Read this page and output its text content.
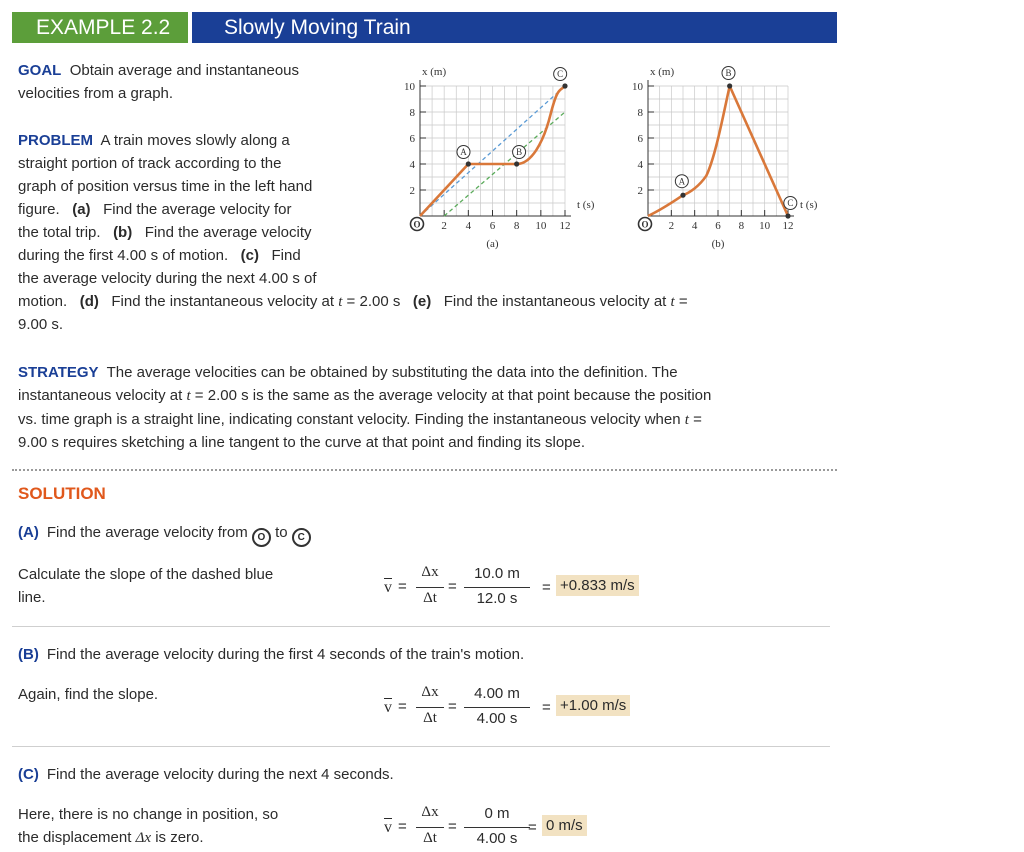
EXAMPLE 2.2	Slowly Moving Train
GOAL Obtain average and instantaneous
velocities from a graph.
PROBLEM A train moves slowly along a
straight portion of track according to the
graph of position versus time in the left hand
figure. (a) Find the average velocity for
the total trip. (b) Find the average velocity
during the first 4.00 s of motion. (c) Find
the average velocity during the next 4.00 s of
motion. (d) Find the instantaneous velocity at t = 2.00 s (e) Find the instantaneous velocity at t =
9.00 s.
2 4 6 8 10 12
2
4
6
8
10
x (m)
t (s)
O
(a)
A	B
C
2 4 6 8 10 12
2
4
6
8
10
x (m)
t (s)
O
(b)
A
B
C
STRATEGY The average velocities can be obtained by substituting the data into the definition. The
instantaneous velocity at t = 2.00 s is the same as the average velocity at that point because the position
vs. time graph is a straight line, indicating constant velocity. Finding the instantaneous velocity when t =
9.00 s requires sketching a line tangent to the curve at that point and finding its slope.
SOLUTION
(A) Find the average velocity from O to C
Calculate the slope of the dashed blue
line.
$\overline{v}$ =
Δx
Δt
=
10.0 m
12.0 s
= +0.833 m/s
(B) Find the average velocity during the first 4 seconds of the train's motion.
Again, find the slope.
$\overline{v}$ =
Δx
Δt
=
4.00 m
4.00 s
= +1.00 m/s
(C) Find the average velocity during the next 4 seconds.
Here, there is no change in position, so
the displacement Δx is zero.
$\overline{v}$ =
Δx
Δt
=
0 m
4.00 s
= 0 m/s
